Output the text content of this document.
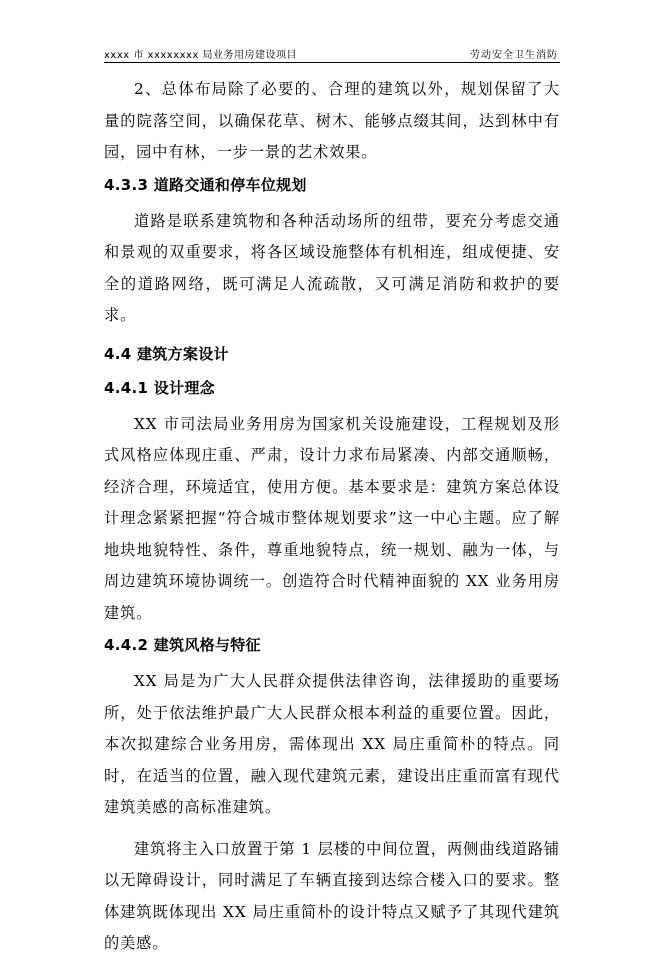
xxxx 市 xxxxxxxx 局业务用房建设项目	劳动安全卫生消防

2、总体布局除了必要的、合理的建筑以外，规划保留了大量的院落空间，以确保花草、树木、能够点缀其间，达到林中有园，园中有林，一步一景的艺术效果。

4.3.3 道路交通和停车位规划

道路是联系建筑物和各种活动场所的纽带，要充分考虑交通和景观的双重要求，将各区域设施整体有机相连，组成便捷、安全的道路网络，既可满足人流疏散，又可满足消防和救护的要求。

4.4 建筑方案设计
4.4.1 设计理念

XX 市司法局业务用房为国家机关设施建设，工程规划及形式风格应体现庄重、严肃，设计力求布局紧凑、内部交通顺畅，经济合理，环境适宜，使用方便。基本要求是：建筑方案总体设计理念紧紧把握“符合城市整体规划要求”这一中心主题。应了解地块地貌特性、条件，尊重地貌特点，统一规划、融为一体，与周边建筑环境协调统一。创造符合时代精神面貌的 XX 业务用房建筑。

4.4.2 建筑风格与特征

XX 局是为广大人民群众提供法律咨询，法律援助的重要场所，处于依法维护最广大人民群众根本利益的重要位置。因此，本次拟建综合业务用房，需体现出 XX 局庄重简朴的特点。同时，在适当的位置，融入现代建筑元素，建设出庄重而富有现代建筑美感的高标准建筑。

建筑将主入口放置于第 1 层楼的中间位置，两侧曲线道路铺以无障碍设计，同时满足了车辆直接到达综合楼入口的要求。整体建筑既体现出 XX 局庄重简朴的设计特点又赋予了其现代建筑的美感。
